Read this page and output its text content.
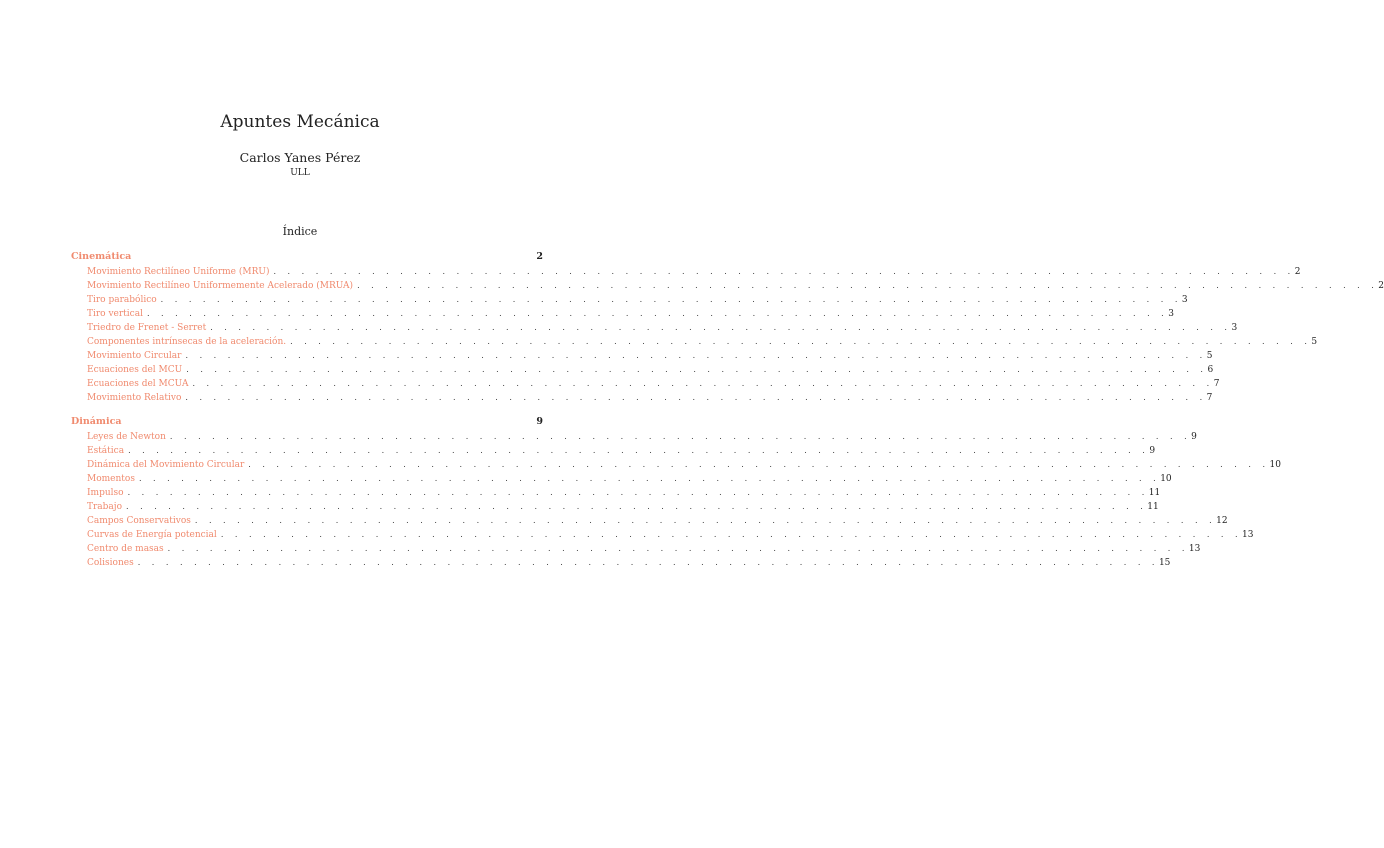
Apuntes Mecánica
Carlos Yanes Pérez
ULL
Índice
Cinemática	2
Movimiento Rectilíneo Uniforme (MRU) . . . . . . . . . . . . . . . . . . . . . . . . . . . . . . . . . . . . . . . . . . . . . . . . . . . . . . . . . . . . . . . . . . . . . . . . . 2
Movimiento Rectilíneo Uniformemente Acelerado (MRUA) . . . . . . . . . . . . . . . . . . . . . . . . . . . . . . . . . . . . . . . . . . . . . . . . . . . . . . . . . . . . . . . . . . . . . . . . . 2
Tiro parabólico . . . . . . . . . . . . . . . . . . . . . . . . . . . . . . . . . . . . . . . . . . . . . . . . . . . . . . . . . . . . . . . . . . . . . . . . . 3
Tiro vertical . . . . . . . . . . . . . . . . . . . . . . . . . . . . . . . . . . . . . . . . . . . . . . . . . . . . . . . . . . . . . . . . . . . . . . . . . 3
Triedro de Frenet - Serret . . . . . . . . . . . . . . . . . . . . . . . . . . . . . . . . . . . . . . . . . . . . . . . . . . . . . . . . . . . . . . . . . . . . . . . . . 3
Componentes intrínsecas de la aceleración. . . . . . . . . . . . . . . . . . . . . . . . . . . . . . . . . . . . . . . . . . . . . . . . . . . . . . . . . . . . . . . . . . . . . . . . . . 5
Movimiento Circular . . . . . . . . . . . . . . . . . . . . . . . . . . . . . . . . . . . . . . . . . . . . . . . . . . . . . . . . . . . . . . . . . . . . . . . . . 5
Ecuaciones del MCU . . . . . . . . . . . . . . . . . . . . . . . . . . . . . . . . . . . . . . . . . . . . . . . . . . . . . . . . . . . . . . . . . . . . . . . . . 6
Ecuaciones del MCUA . . . . . . . . . . . . . . . . . . . . . . . . . . . . . . . . . . . . . . . . . . . . . . . . . . . . . . . . . . . . . . . . . . . . . . . . . 7
Movimiento Relativo . . . . . . . . . . . . . . . . . . . . . . . . . . . . . . . . . . . . . . . . . . . . . . . . . . . . . . . . . . . . . . . . . . . . . . . . . 7
Dinámica	9
Leyes de Newton . . . . . . . . . . . . . . . . . . . . . . . . . . . . . . . . . . . . . . . . . . . . . . . . . . . . . . . . . . . . . . . . . . . . . . . . . 9
Estática . . . . . . . . . . . . . . . . . . . . . . . . . . . . . . . . . . . . . . . . . . . . . . . . . . . . . . . . . . . . . . . . . . . . . . . . . 9
Dinámica del Movimiento Circular . . . . . . . . . . . . . . . . . . . . . . . . . . . . . . . . . . . . . . . . . . . . . . . . . . . . . . . . . . . . . . . . . . . . . . . . . 10
Momentos . . . . . . . . . . . . . . . . . . . . . . . . . . . . . . . . . . . . . . . . . . . . . . . . . . . . . . . . . . . . . . . . . . . . . . . . . 10
Impulso . . . . . . . . . . . . . . . . . . . . . . . . . . . . . . . . . . . . . . . . . . . . . . . . . . . . . . . . . . . . . . . . . . . . . . . . . 11
Trabajo . . . . . . . . . . . . . . . . . . . . . . . . . . . . . . . . . . . . . . . . . . . . . . . . . . . . . . . . . . . . . . . . . . . . . . . . . 11
Campos Conservativos . . . . . . . . . . . . . . . . . . . . . . . . . . . . . . . . . . . . . . . . . . . . . . . . . . . . . . . . . . . . . . . . . . . . . . . . . 12
Curvas de Energía potencial . . . . . . . . . . . . . . . . . . . . . . . . . . . . . . . . . . . . . . . . . . . . . . . . . . . . . . . . . . . . . . . . . . . . . . . . . 13
Centro de masas . . . . . . . . . . . . . . . . . . . . . . . . . . . . . . . . . . . . . . . . . . . . . . . . . . . . . . . . . . . . . . . . . . . . . . . . . 13
Colisiones . . . . . . . . . . . . . . . . . . . . . . . . . . . . . . . . . . . . . . . . . . . . . . . . . . . . . . . . . . . . . . . . . . . . . . . . . 15
